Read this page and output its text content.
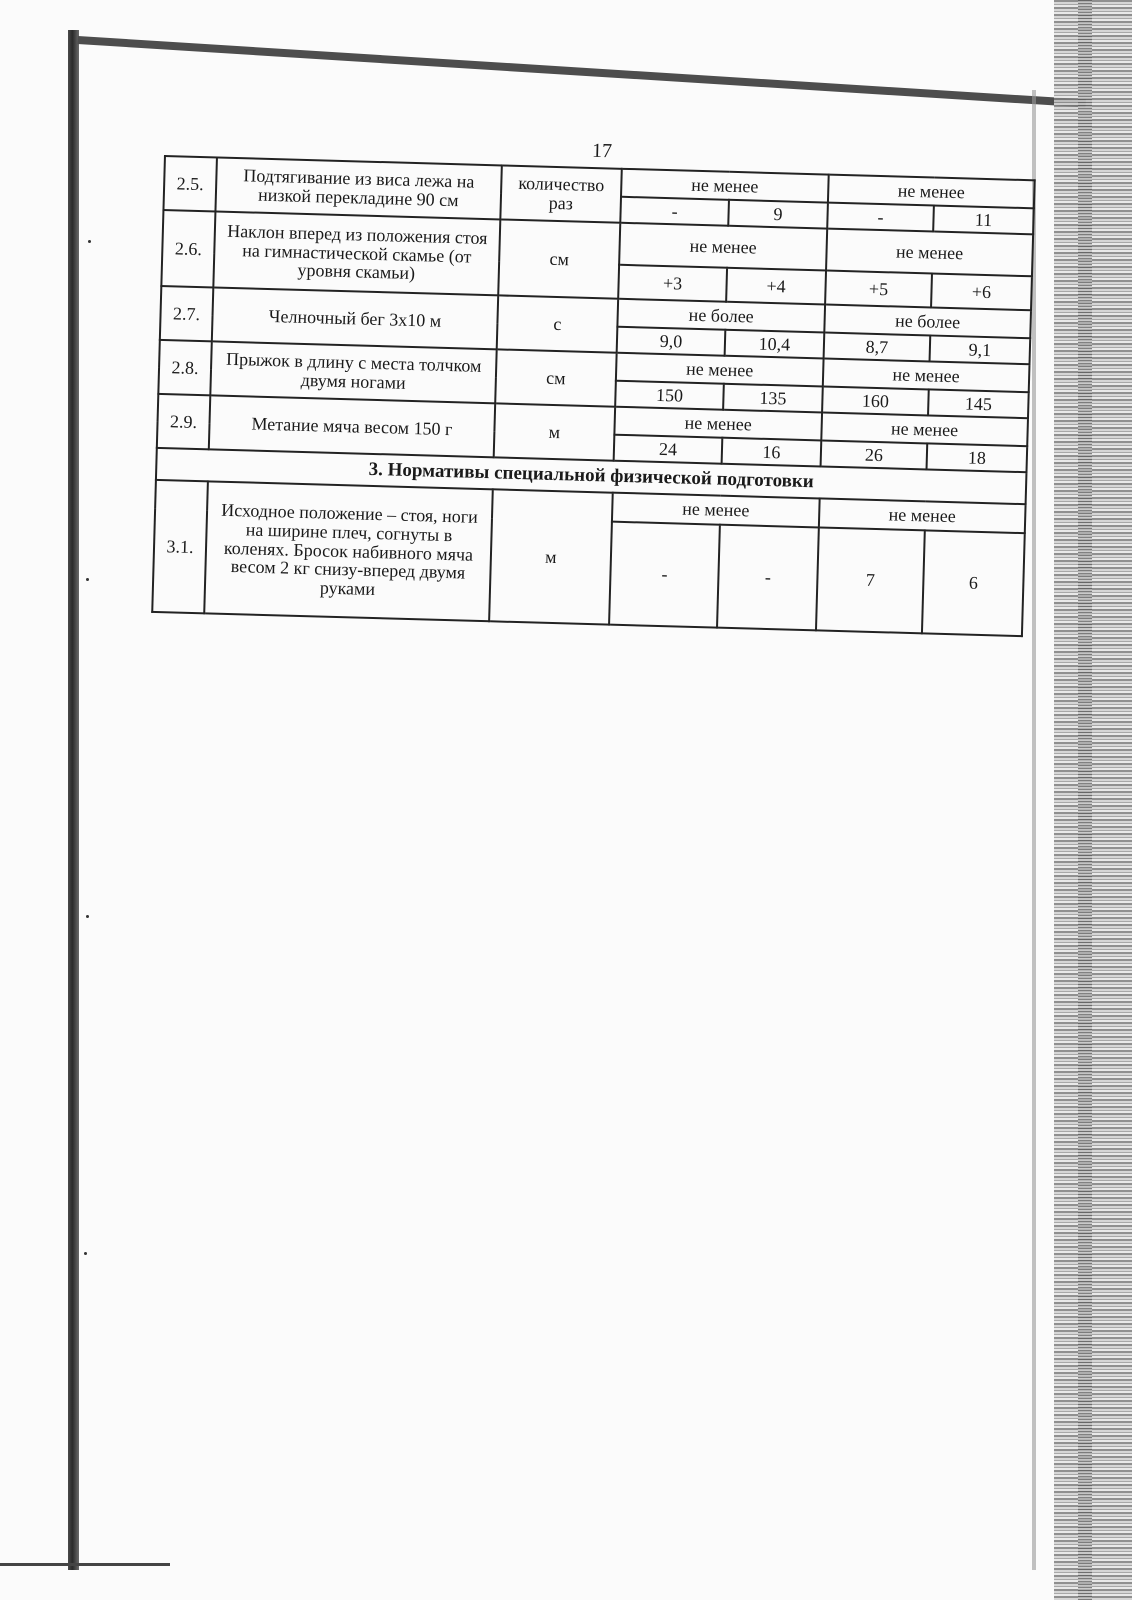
17
2.5.	Подтягивание из виса лежа на низкой перекладине 90 см	количество раз	не менее		не менее	
			-	9	-	11
2.6.	Наклон вперед из положения стоя на гимнастической скамье (от уровня скамьи)	см	не менее		не менее	
			+3	+4	+5	+6
2.7.	Челночный бег 3х10 м	с	не более		не более	
			9,0	10,4	8,7	9,1
2.8.	Прыжок в длину с места толчком двумя ногами	см	не менее		не менее	
			150	135	160	145
2.9.	Метание мяча весом 150 г	м	не менее		не менее	
			24	16	26	18
3. Нормативы специальной физической подготовки						
3.1.	Исходное положение – стоя, ноги на ширине плеч, согнуты в коленях. Бросок набивного мяча весом 2 кг снизу-вперед двумя руками	м	не менее		не менее	
			-	-	7	6
